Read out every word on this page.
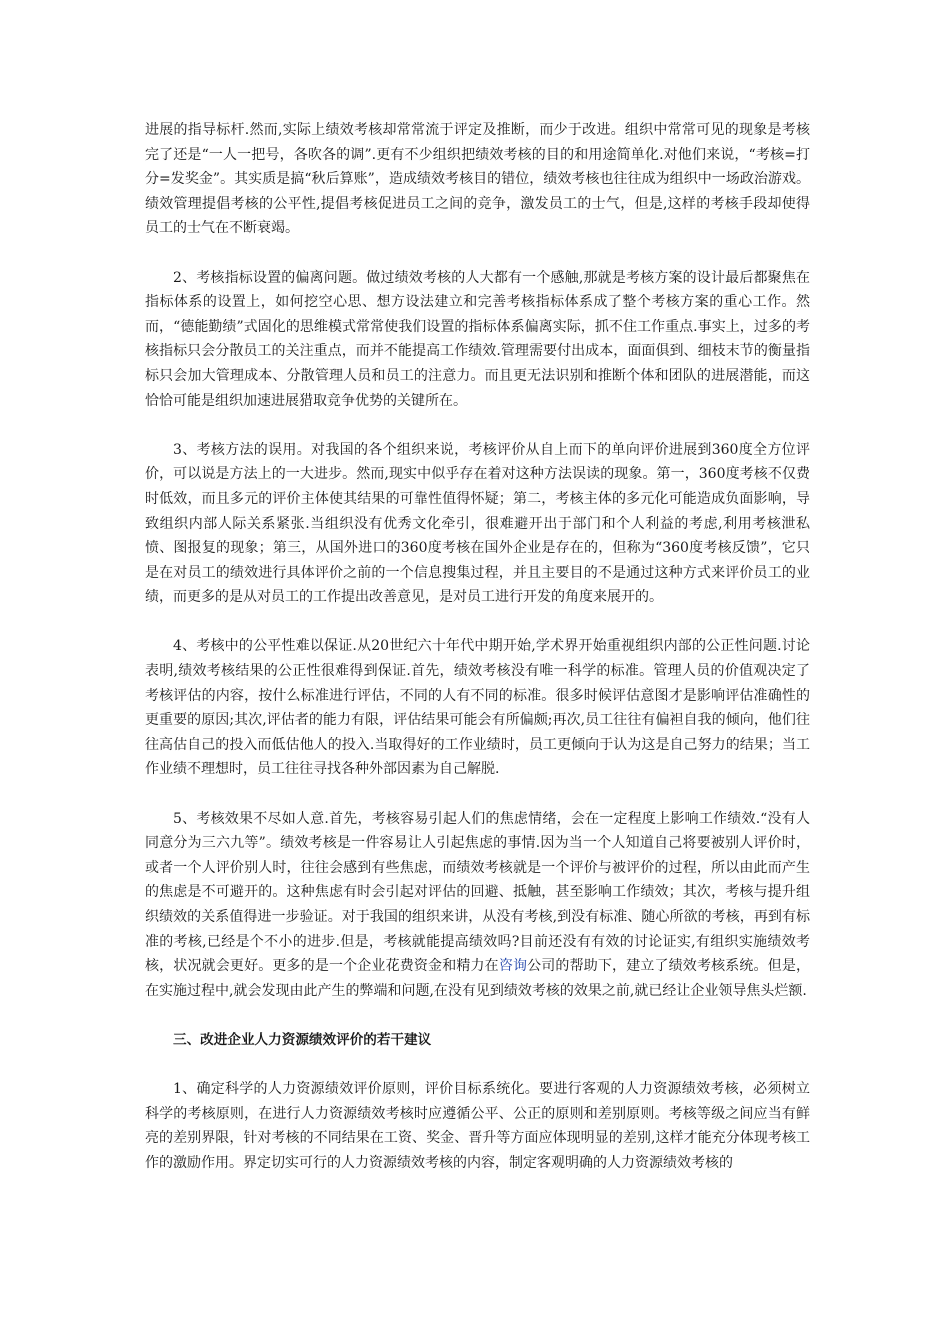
进展的指导标杆.然而,实际上绩效考核却常常流于评定及推断，而少于改进。组织中常常可见的现象是考核完了还是“一人一把号，各吹各的调”.更有不少组织把绩效考核的目的和用途简单化.对他们来说，“考核=打分=发奖金”。其实质是搞“秋后算账”，造成绩效考核目的错位，绩效考核也往往成为组织中一场政治游戏。绩效管理提倡考核的公平性,提倡考核促进员工之间的竞争，激发员工的士气，但是,这样的考核手段却使得员工的士气在不断衰竭。

2、考核指标设置的偏离问题。做过绩效考核的人大都有一个感触,那就是考核方案的设计最后都聚焦在指标体系的设置上，如何挖空心思、想方设法建立和完善考核指标体系成了整个考核方案的重心工作。然而，“德能勤绩”式固化的思维模式常常使我们设置的指标体系偏离实际，抓不住工作重点.事实上，过多的考核指标只会分散员工的关注重点，而并不能提高工作绩效.管理需要付出成本，面面俱到、细枝末节的衡量指标只会加大管理成本、分散管理人员和员工的注意力。而且更无法识别和推断个体和团队的进展潜能，而这恰恰可能是组织加速进展猎取竞争优势的关键所在。

3、考核方法的误用。对我国的各个组织来说，考核评价从自上而下的单向评价进展到360度全方位评价，可以说是方法上的一大进步。然而,现实中似乎存在着对这种方法误读的现象。第一，360度考核不仅费时低效，而且多元的评价主体使其结果的可靠性值得怀疑；第二，考核主体的多元化可能造成负面影响，导致组织内部人际关系紧张.当组织没有优秀文化牵引，很难避开出于部门和个人利益的考虑,利用考核泄私愤、图报复的现象；第三，从国外进口的360度考核在国外企业是存在的，但称为“360度考核反馈”，它只是在对员工的绩效进行具体评价之前的一个信息搜集过程，并且主要目的不是通过这种方式来评价员工的业绩，而更多的是从对员工的工作提出改善意见，是对员工进行开发的角度来展开的。

4、考核中的公平性难以保证.从20世纪六十年代中期开始,学术界开始重视组织内部的公正性问题.讨论表明,绩效考核结果的公正性很难得到保证.首先，绩效考核没有唯一科学的标准。管理人员的价值观决定了考核评估的内容，按什么标准进行评估，不同的人有不同的标准。很多时候评估意图才是影响评估准确性的更重要的原因;其次,评估者的能力有限，评估结果可能会有所偏颇;再次,员工往往有偏袒自我的倾向，他们往往高估自己的投入而低估他人的投入.当取得好的工作业绩时，员工更倾向于认为这是自己努力的结果；当工作业绩不理想时，员工往往寻找各种外部因素为自己解脱.

5、考核效果不尽如人意.首先，考核容易引起人们的焦虑情绪，会在一定程度上影响工作绩效.“没有人同意分为三六九等”。绩效考核是一件容易让人引起焦虑的事情.因为当一个人知道自己将要被别人评价时，或者一个人评价别人时，往往会感到有些焦虑，而绩效考核就是一个评价与被评价的过程，所以由此而产生的焦虑是不可避开的。这种焦虑有时会引起对评估的回避、抵触，甚至影响工作绩效；其次，考核与提升组织绩效的关系值得进一步验证。对于我国的组织来讲，从没有考核,到没有标准、随心所欲的考核，再到有标准的考核,已经是个不小的进步.但是，考核就能提高绩效吗?目前还没有有效的讨论证实,有组织实施绩效考核，状况就会更好。更多的是一个企业花费资金和精力在咨询公司的帮助下，建立了绩效考核系统。但是，在实施过程中,就会发现由此产生的弊端和问题,在没有见到绩效考核的效果之前,就已经让企业领导焦头烂额.

三、改进企业人力资源绩效评价的若干建议

1、确定科学的人力资源绩效评价原则，评价目标系统化。要进行客观的人力资源绩效考核，必须树立科学的考核原则，在进行人力资源绩效考核时应遵循公平、公正的原则和差别原则。考核等级之间应当有鲜亮的差别界限，针对考核的不同结果在工资、奖金、晋升等方面应体现明显的差别,这样才能充分体现考核工作的激励作用。界定切实可行的人力资源绩效考核的内容，制定客观明确的人力资源绩效考核的
